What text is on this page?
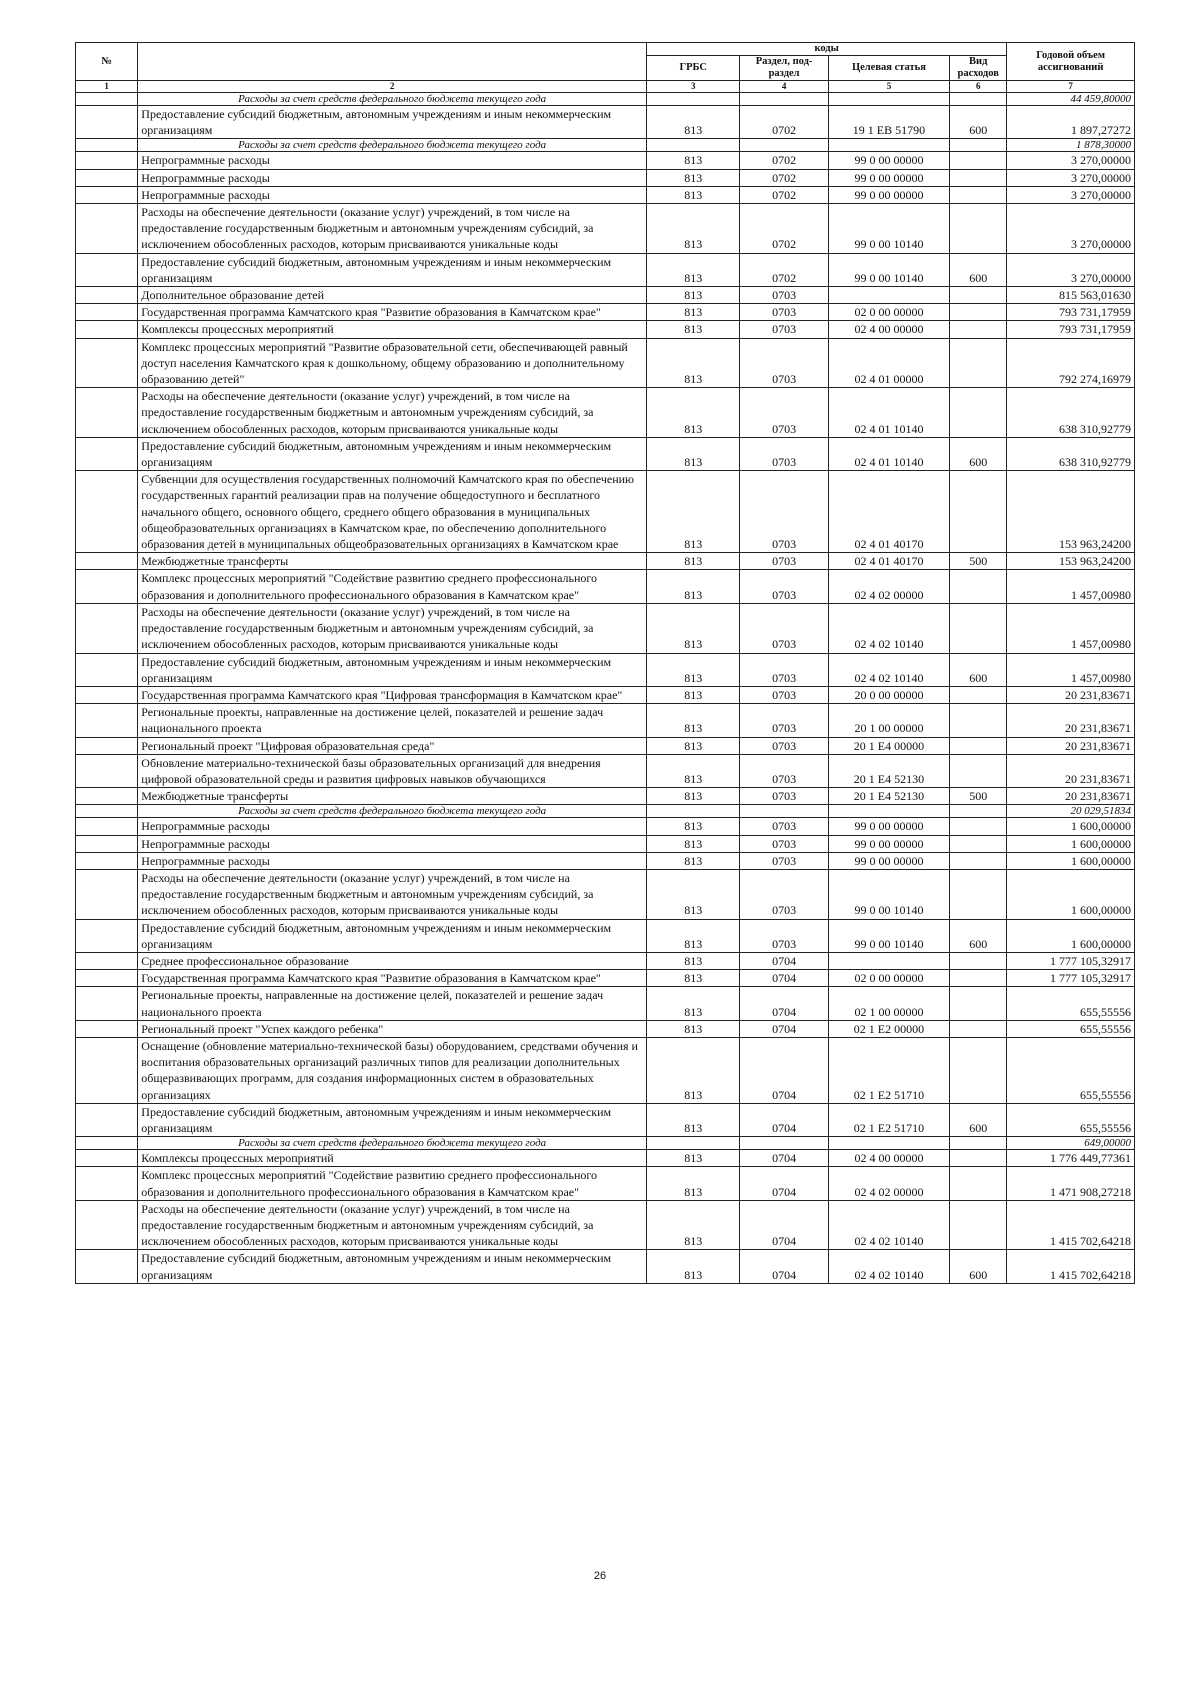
№		коды				Годовой объем ассигнований
		ГРБС	Раздел, под-раздел	Целевая статья	Вид расходов	
1	2	3	4	5	6	7
	Расходы за счет средств федерального бюджета текущего года					44 459,80000
	Предоставление субсидий бюджетным, автономным учреждениям и иным некоммерческим организациям	813	0702	19 1 EB 51790	600	1 897,27272
	Расходы за счет средств федерального бюджета текущего года					1 878,30000
	Непрограммные расходы	813	0702	99 0 00 00000		3 270,00000
	Непрограммные расходы	813	0702	99 0 00 00000		3 270,00000
	Непрограммные расходы	813	0702	99 0 00 00000		3 270,00000
	Расходы на обеспечение деятельности (оказание услуг) учреждений, в том числе на предоставление государственным бюджетным и автономным учреждениям субсидий, за исключением обособленных расходов, которым присваиваются уникальные коды	813	0702	99 0 00 10140		3 270,00000
	Предоставление субсидий бюджетным, автономным учреждениям и иным некоммерческим организациям	813	0702	99 0 00 10140	600	3 270,00000
	Дополнительное образование детей	813	0703			815 563,01630
	Государственная программа Камчатского края "Развитие образования в Камчатском крае"	813	0703	02 0 00 00000		793 731,17959
	Комплексы процессных мероприятий	813	0703	02 4 00 00000		793 731,17959
	Комплекс процессных мероприятий "Развитие образовательной сети, обеспечивающей равный доступ населения Камчатского края к дошкольному, общему образованию и дополнительному образованию детей"	813	0703	02 4 01 00000		792 274,16979
	Расходы на обеспечение деятельности (оказание услуг) учреждений, в том числе на предоставление государственным бюджетным и автономным учреждениям субсидий, за исключением обособленных расходов, которым присваиваются уникальные коды	813	0703	02 4 01 10140		638 310,92779
	Предоставление субсидий бюджетным, автономным учреждениям и иным некоммерческим организациям	813	0703	02 4 01 10140	600	638 310,92779
	Субвенции для осуществления государственных полномочий Камчатского края по обеспечению государственных гарантий реализации прав на получение общедоступного и бесплатного начального общего, основного общего, среднего общего образования в муниципальных общеобразовательных организациях в Камчатском крае, по обеспечению дополнительного образования детей в муниципальных общеобразовательных организациях в Камчатском крае	813	0703	02 4 01 40170		153 963,24200
	Межбюджетные трансферты	813	0703	02 4 01 40170	500	153 963,24200
	Комплекс процессных мероприятий "Содействие развитию среднего профессионального образования и дополнительного профессионального образования в Камчатском крае"	813	0703	02 4 02 00000		1 457,00980
	Расходы на обеспечение деятельности (оказание услуг) учреждений, в том числе на предоставление государственным бюджетным и автономным учреждениям субсидий, за исключением обособленных расходов, которым присваиваются уникальные коды	813	0703	02 4 02 10140		1 457,00980
	Предоставление субсидий бюджетным, автономным учреждениям и иным некоммерческим организациям	813	0703	02 4 02 10140	600	1 457,00980
	Государственная программа Камчатского края "Цифровая трансформация в Камчатском крае"	813	0703	20 0 00 00000		20 231,83671
	Региональные проекты, направленные на достижение целей, показателей и решение задач национального проекта	813	0703	20 1 00 00000		20 231,83671
	Региональный проект "Цифровая образовательная среда"	813	0703	20 1 E4 00000		20 231,83671
	Обновление материально-технической базы образовательных организаций для внедрения цифровой образовательной среды и развития цифровых навыков обучающихся	813	0703	20 1 E4 52130		20 231,83671
	Межбюджетные трансферты	813	0703	20 1 E4 52130	500	20 231,83671
	Расходы за счет средств федерального бюджета текущего года					20 029,51834
	Непрограммные расходы	813	0703	99 0 00 00000		1 600,00000
	Непрограммные расходы	813	0703	99 0 00 00000		1 600,00000
	Непрограммные расходы	813	0703	99 0 00 00000		1 600,00000
	Расходы на обеспечение деятельности (оказание услуг) учреждений, в том числе на предоставление государственным бюджетным и автономным учреждениям субсидий, за исключением обособленных расходов, которым присваиваются уникальные коды	813	0703	99 0 00 10140		1 600,00000
	Предоставление субсидий бюджетным, автономным учреждениям и иным некоммерческим организациям	813	0703	99 0 00 10140	600	1 600,00000
	Среднее профессиональное образование	813	0704			1 777 105,32917
	Государственная программа Камчатского края "Развитие образования в Камчатском крае"	813	0704	02 0 00 00000		1 777 105,32917
	Региональные проекты, направленные на достижение целей, показателей и решение задач национального проекта	813	0704	02 1 00 00000		655,55556
	Региональный проект "Успех каждого ребенка"	813	0704	02 1 E2 00000		655,55556
	Оснащение (обновление материально-технической базы) оборудованием, средствами обучения и воспитания образовательных организаций различных типов для реализации дополнительных общеразвивающих программ, для создания информационных систем в образовательных организациях	813	0704	02 1 E2 51710		655,55556
	Предоставление субсидий бюджетным, автономным учреждениям и иным некоммерческим организациям	813	0704	02 1 E2 51710	600	655,55556
	Расходы за счет средств федерального бюджета текущего года					649,00000
	Комплексы процессных мероприятий	813	0704	02 4 00 00000		1 776 449,77361
	Комплекс процессных мероприятий "Содействие развитию среднего профессионального образования и дополнительного профессионального образования в Камчатском крае"	813	0704	02 4 02 00000		1 471 908,27218
	Расходы на обеспечение деятельности (оказание услуг) учреждений, в том числе на предоставление государственным бюджетным и автономным учреждениям субсидий, за исключением обособленных расходов, которым присваиваются уникальные коды	813	0704	02 4 02 10140		1 415 702,64218
	Предоставление субсидий бюджетным, автономным учреждениям и иным некоммерческим организациям	813	0704	02 4 02 10140	600	1 415 702,64218
26
